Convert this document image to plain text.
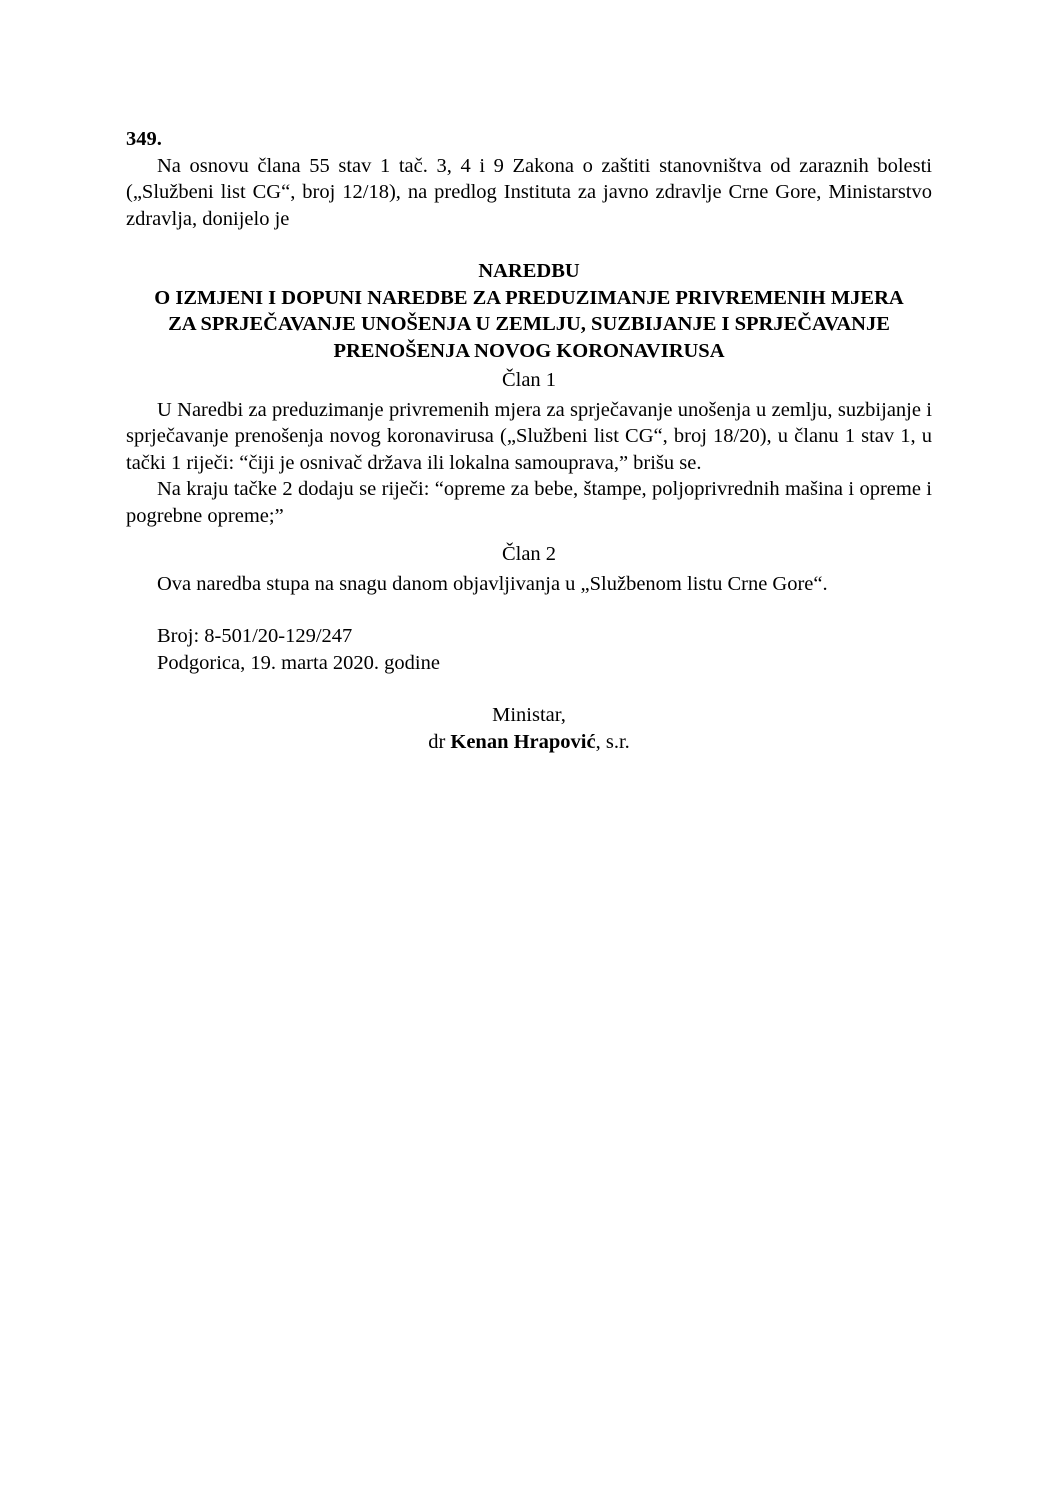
349.

Na osnovu člana 55 stav 1 tač. 3, 4 i 9 Zakona o zaštiti stanovništva od zaraznih bolesti („Službeni list CG“, broj 12/18), na predlog Instituta za javno zdravlje Crne Gore, Ministarstvo zdravlja, donijelo je

NAREDBU
O IZMJENI I DOPUNI NAREDBE ZA PREDUZIMANJE PRIVREMENIH MJERA
ZA SPRJEČAVANJE UNOŠENJA U ZEMLJU, SUZBIJANJE I SPRJEČAVANJE
PRENOŠENJA NOVOG KORONAVIRUSA
Član 1

U Naredbi za preduzimanje privremenih mjera za sprječavanje unošenja u zemlju, suzbijanje i sprječavanje prenošenja novog koronavirusa („Službeni list CG“, broj 18/20), u članu 1 stav 1, u tački 1 riječi: “čiji je osnivač država ili lokalna samouprava,” brišu se.

Na kraju tačke 2 dodaju se riječi: “opreme za bebe, štampe, poljoprivrednih mašina i opreme i pogrebne opreme;”

Član 2

Ova naredba stupa na snagu danom objavljivanja u „Službenom listu Crne Gore“.

Broj: 8-501/20-129/247
Podgorica, 19. marta 2020. godine
Ministar,
dr Kenan Hrapović, s.r.
